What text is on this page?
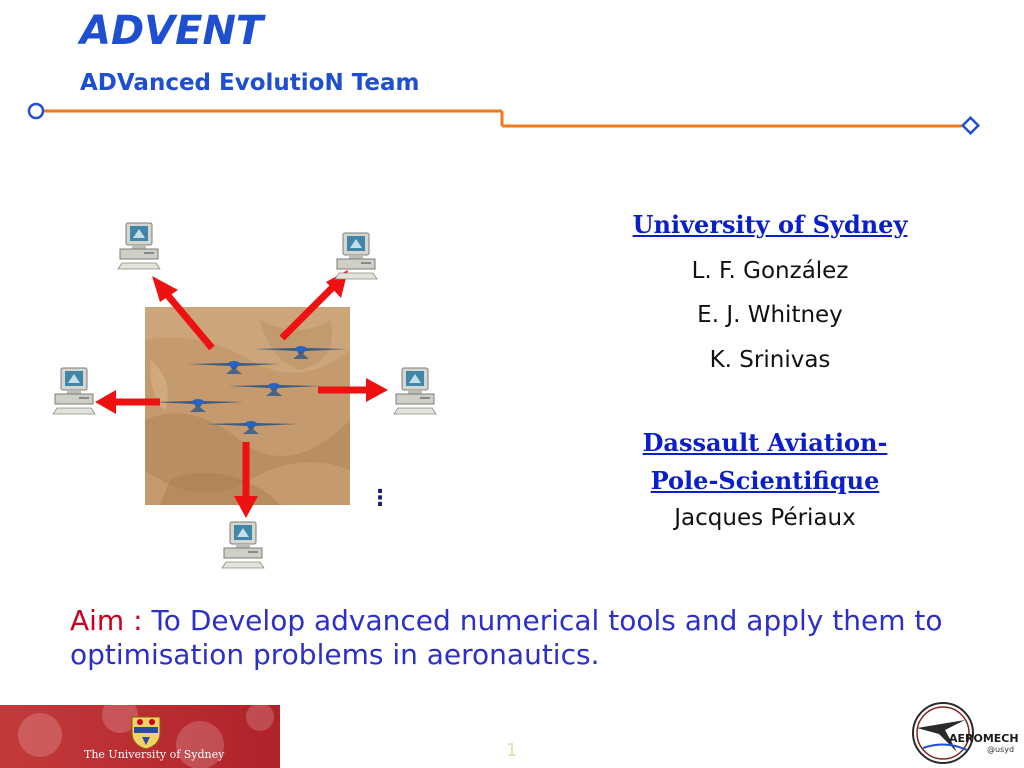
ADVENT
ADVanced EvolutioN Team
⋮
University of Sydney
L. F. González
E. J. Whitney
K. Srinivas
Dassault Aviation-
Pole-Scientifique
Jacques Périaux
Aim : To Develop advanced numerical tools and apply them to optimisation problems in aeronautics.
The University of Sydney	1
AEROMECH
@usyd
